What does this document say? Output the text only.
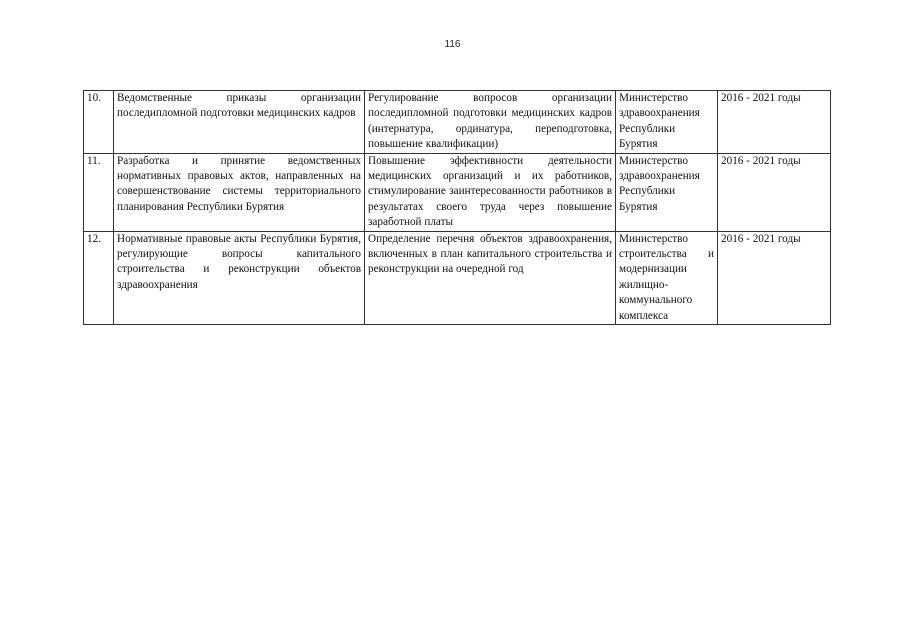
116
10.	Ведомственные приказы организации последипломной подготовки медицинских кадров	Регулирование вопросов организации последипломной подготовки медицинских кадров (интернатура, ординатура, переподготовка, повышение квалификации)	Министерство здравоохранения Республики Бурятия	2016 - 2021 годы
11.	Разработка и принятие ведомственных нормативных правовых актов, направленных на совершенствование системы территориального планирования Республики Бурятия	Повышение эффективности деятельности медицинских организаций и их работников, стимулирование заинтересованности работников в результатах своего труда через повышение заработной платы	Министерство здравоохранения Республики Бурятия	2016 - 2021 годы
12.	Нормативные правовые акты Республики Бурятия, регулирующие вопросы капитального строительства и реконструкции объектов здравоохранения	Определение перечня объектов здравоохранения, включенных в план капитального строительства и реконструкции на очередной год	Министерство строительства и модернизации жилищно-коммунального комплекса	2016 - 2021 годы
